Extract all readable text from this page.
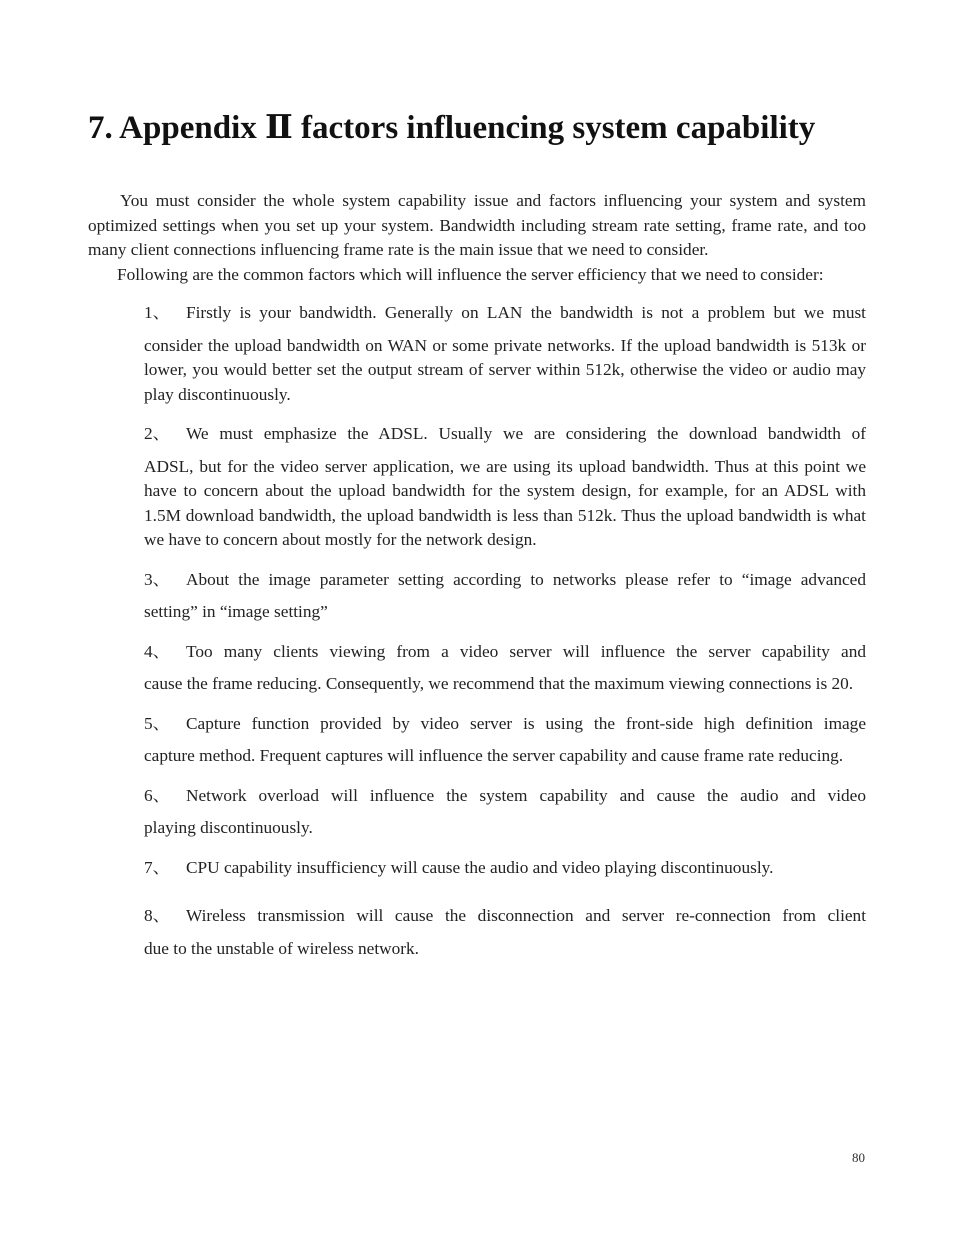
7. Appendix Ⅱ factors influencing system capability

You must consider the whole system capability issue and factors influencing your system and system optimized settings when you set up your system. Bandwidth including stream rate setting, frame rate, and too many client connections influencing frame rate is the main issue that we need to consider.

Following are the common factors which will influence the server efficiency that we need to consider:

1、 Firstly is your bandwidth. Generally on LAN the bandwidth is not a problem but we must
consider the upload bandwidth on WAN or some private networks. If the upload bandwidth is 513k or lower, you would better set the output stream of server within 512k, otherwise the video or audio may play discontinuously.
2、 We must emphasize the ADSL. Usually we are considering the download bandwidth of
ADSL, but for the video server application, we are using its upload bandwidth. Thus at this point we have to concern about the upload bandwidth for the system design, for example, for an ADSL with 1.5M download bandwidth, the upload bandwidth is less than 512k. Thus the upload bandwidth is what we have to concern about mostly for the network design.
3、 About the image parameter setting according to networks please refer to “image advanced
setting” in “image setting”
4、 Too many clients viewing from a video server will influence the server capability and
cause the frame reducing. Consequently, we recommend that the maximum viewing connections is 20.
5、 Capture function provided by video server is using the front-side high definition image
capture method. Frequent captures will influence the server capability and cause frame rate reducing.
6、 Network overload will influence the system capability and cause the audio and video
playing discontinuously.
7、 CPU capability insufficiency will cause the audio and video playing discontinuously.
8、 Wireless transmission will cause the disconnection and server re-connection from client
due to the unstable of wireless network.
80
